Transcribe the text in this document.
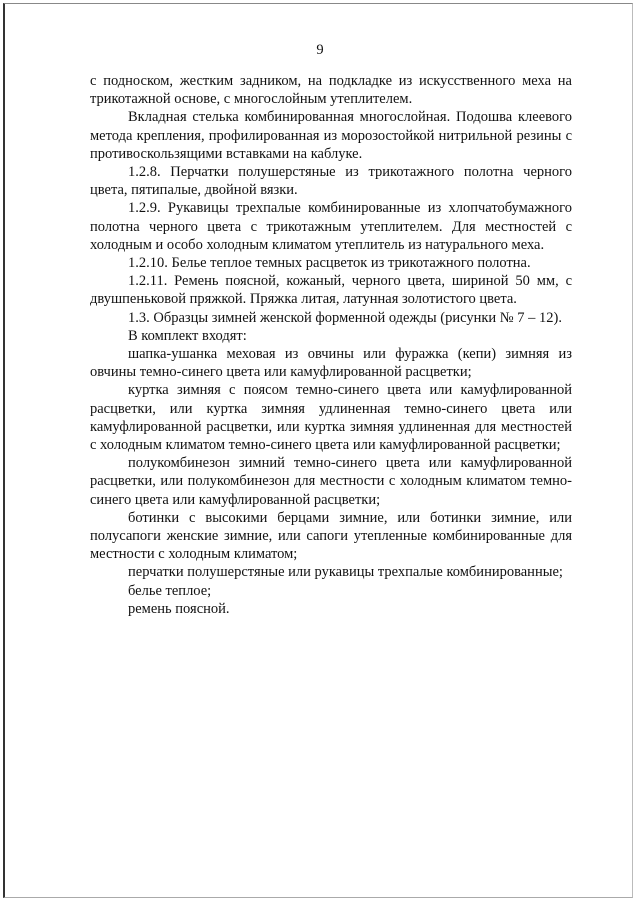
9

с подноском, жестким задником, на подкладке из искусственного меха на трикотажной основе, с многослойным утеплителем.

Вкладная стелька комбинированная многослойная. Подошва клеевого метода крепления, профилированная из морозостойкой нитрильной резины с противоскользящими вставками на каблуке.

1.2.8. Перчатки полушерстяные из трикотажного полотна черного цвета, пятипалые, двойной вязки.

1.2.9. Рукавицы трехпалые комбинированные из хлопчатобумажного полотна черного цвета с трикотажным утеплителем. Для местностей с холодным и особо холодным климатом утеплитель из натурального меха.

1.2.10. Белье теплое темных расцветок из трикотажного полотна.

1.2.11. Ремень поясной, кожаный, черного цвета, шириной 50 мм, с двушпеньковой пряжкой. Пряжка литая, латунная золотистого цвета.

1.3. Образцы зимней женской форменной одежды (рисунки № 7 – 12).

В комплект входят:

шапка-ушанка меховая из овчины или фуражка (кепи) зимняя из овчины темно-синего цвета или камуфлированной расцветки;

куртка зимняя с поясом темно-синего цвета или камуфлированной расцветки, или куртка зимняя удлиненная темно-синего цвета или камуфлированной расцветки, или куртка зимняя удлиненная для местностей с холодным климатом темно-синего цвета или камуфлированной расцветки;

полукомбинезон зимний темно-синего цвета или камуфлированной расцветки, или полукомбинезон для местности с холодным климатом темно-синего цвета или камуфлированной расцветки;

ботинки с высокими берцами зимние, или ботинки зимние, или полусапоги женские зимние, или сапоги утепленные комбинированные для местности с холодным климатом;

перчатки полушерстяные или рукавицы трехпалые комбинированные;

белье теплое;

ремень поясной.
